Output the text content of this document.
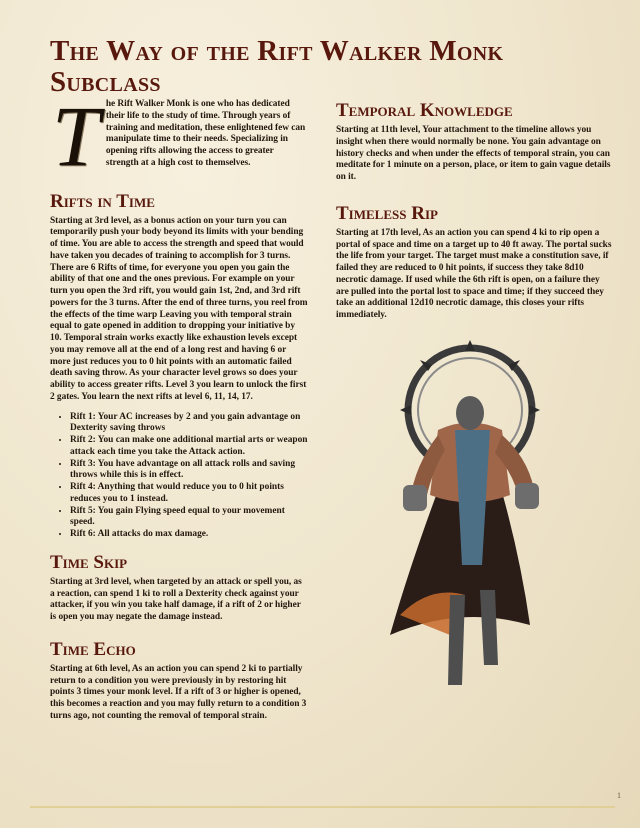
The Way of the Rift Walker Monk Subclass
T he Rift Walker Monk is one who has dedicated their life to the study of time. Through years of training and meditation, these enlightened few can manipulate time to their needs. Specializing in opening rifts allowing the access to greater strength at a high cost to themselves.

Rifts in Time

Starting at 3rd level, as a bonus action on your turn you can temporarily push your body beyond its limits with your bending of time. You are able to access the strength and speed that would have taken you decades of training to accomplish for 3 turns. There are 6 Rifts of time, for everyone you open you gain the ability of that one and the ones previous. For example on your turn you open the 3rd rift, you would gain 1st, 2nd, and 3rd rift powers for the 3 turns. After the end of three turns, you reel from the effects of the time warp Leaving you with temporal strain equal to gate opened in addition to dropping your initiative by 10. Temporal strain works exactly like exhaustion levels except you may remove all at the end of a long rest and having 6 or more just reduces you to 0 hit points with an automatic failed death saving throw. As your character level grows so does your ability to access greater rifts. Level 3 you learn to unlock the first 2 gates. You learn the next rifts at level 6, 11, 14, 17.

• Rift 1: Your AC increases by 2 and you gain advantage on Dexterity saving throws
• Rift 2: You can make one additional martial arts or weapon attack each time you take the Attack action.
• Rift 3: You have advantage on all attack rolls and saving throws while this is in effect.
• Rift 4: Anything that would reduce you to 0 hit points reduces you to 1 instead.
• Rift 5: You gain Flying speed equal to your movement speed.
• Rift 6: All attacks do max damage.
Time Skip

Starting at 3rd level, when targeted by an attack or spell you, as a reaction, can spend 1 ki to roll a Dexterity check against your attacker, if you win you take half damage, if a rift of 2 or higher is open you may negate the damage instead.

Time Echo

Starting at 6th level, As an action you can spend 2 ki to partially return to a condition you were previously in by restoring hit points 3 times your monk level. If a rift of 3 or higher is opened, this becomes a reaction and you may fully return to a condition 3 turns ago, not counting the removal of temporal strain.

Temporal Knowledge

Starting at 11th level, Your attachment to the timeline allows you insight when there would normally be none. You gain advantage on history checks and when under the effects of temporal strain, you can meditate for 1 minute on a person, place, or item to gain vague details on it.

Timeless Rip

Starting at 17th level, As an action you can spend 4 ki to rip open a portal of space and time on a target up to 40 ft away. The portal sucks the life from your target. The target must make a constitution save, if failed they are reduced to 0 hit points, if success they take 8d10 necrotic damage. If used while the 6th rift is open, on a failure they are pulled into the portal lost to space and time; if they succeed they take an additional 12d10 necrotic damage, this closes your rifts immediately.

1
